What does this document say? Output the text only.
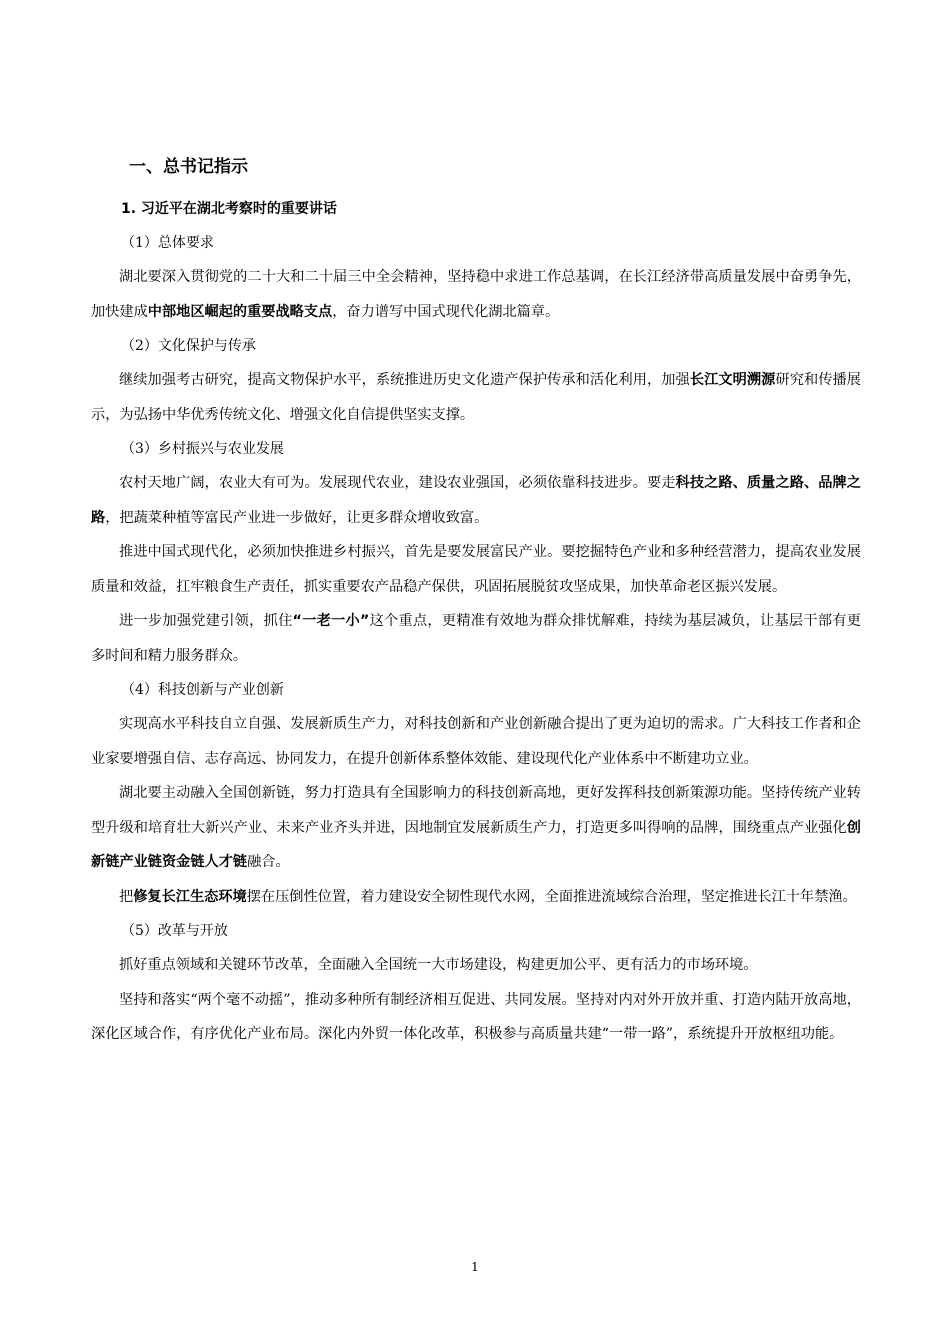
一、总书记指示
1. 习近平在湖北考察时的重要讲话
（1）总体要求

湖北要深入贯彻党的二十大和二十届三中全会精神，坚持稳中求进工作总基调，在长江经济带高质量发展中奋勇争先，加快建成中部地区崛起的重要战略支点，奋力谱写中国式现代化湖北篇章。

（2）文化保护与传承

继续加强考古研究，提高文物保护水平，系统推进历史文化遗产保护传承和活化利用，加强长江文明溯源研究和传播展示，为弘扬中华优秀传统文化、增强文化自信提供坚实支撑。

（3）乡村振兴与农业发展

农村天地广阔，农业大有可为。发展现代农业，建设农业强国，必须依靠科技进步。要走科技之路、质量之路、品牌之路，把蔬菜种植等富民产业进一步做好，让更多群众增收致富。

推进中国式现代化，必须加快推进乡村振兴，首先是要发展富民产业。要挖掘特色产业和多种经营潜力，提高农业发展质量和效益，扛牢粮食生产责任，抓实重要农产品稳产保供，巩固拓展脱贫攻坚成果，加快革命老区振兴发展。

进一步加强党建引领，抓住“一老一小”这个重点，更精准有效地为群众排忧解难，持续为基层减负，让基层干部有更多时间和精力服务群众。

（4）科技创新与产业创新

实现高水平科技自立自强、发展新质生产力，对科技创新和产业创新融合提出了更为迫切的需求。广大科技工作者和企业家要增强自信、志存高远、协同发力，在提升创新体系整体效能、建设现代化产业体系中不断建功立业。

湖北要主动融入全国创新链，努力打造具有全国影响力的科技创新高地，更好发挥科技创新策源功能。坚持传统产业转型升级和培育壮大新兴产业、未来产业齐头并进，因地制宜发展新质生产力，打造更多叫得响的品牌，围绕重点产业强化创新链产业链资金链人才链融合。

把修复长江生态环境摆在压倒性位置，着力建设安全韧性现代水网，全面推进流域综合治理，坚定推进长江十年禁渔。

（5）改革与开放

抓好重点领域和关键环节改革，全面融入全国统一大市场建设，构建更加公平、更有活力的市场环境。

坚持和落实“两个毫不动摇”，推动多种所有制经济相互促进、共同发展。坚持对内对外开放并重、打造内陆开放高地，深化区域合作，有序优化产业布局。深化内外贸一体化改革，积极参与高质量共建“一带一路”，系统提升开放枢纽功能。

1
